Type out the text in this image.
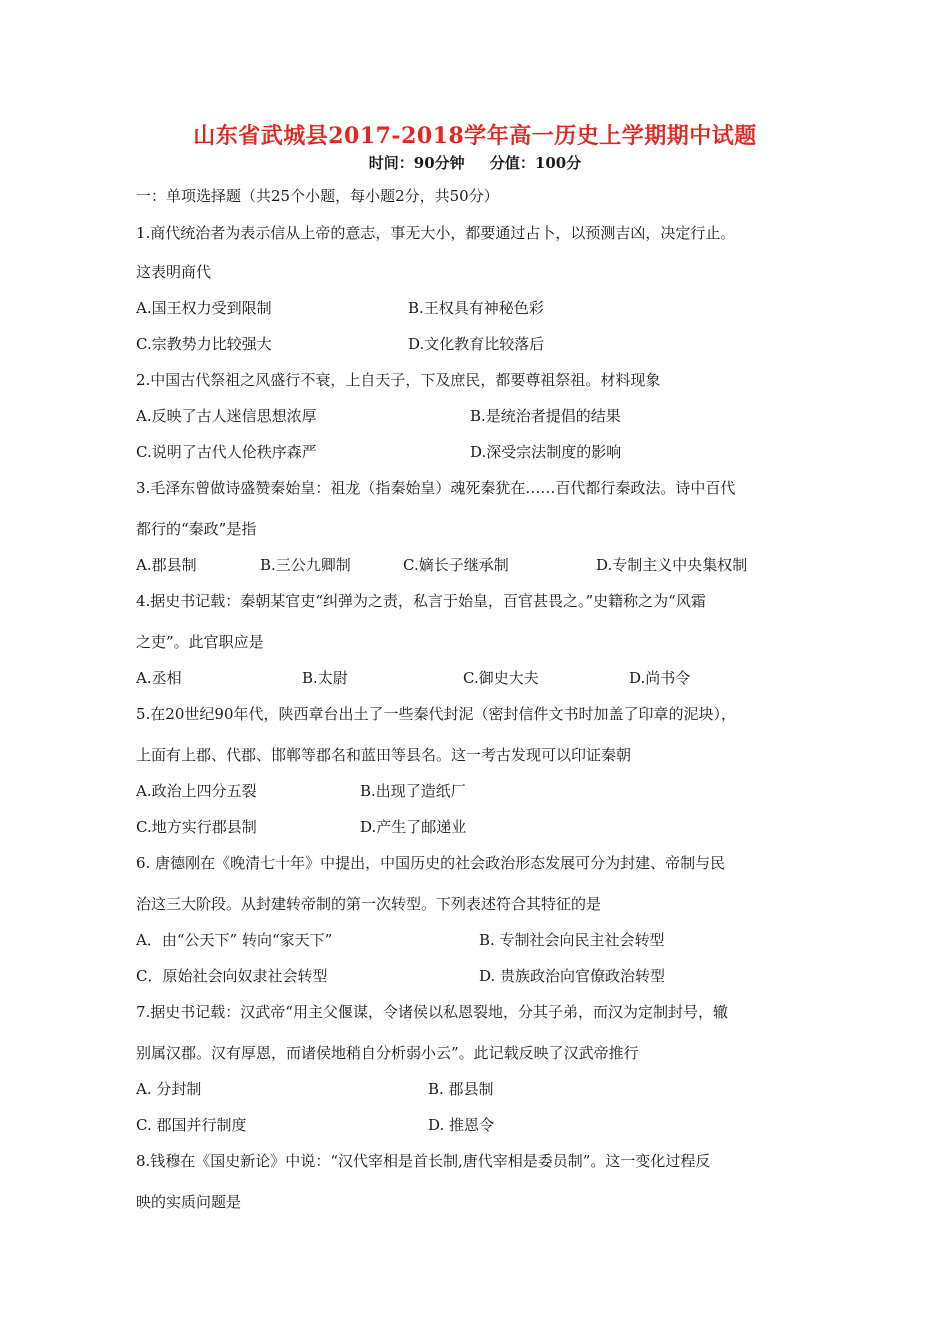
山东省武城县2017-2018学年高一历史上学期期中试题
时间：90分钟 分值：100分
一：单项选择题（共25个小题，每小题2分，共50分）
1.商代统治者为表示信从上帝的意志，事无大小，都要通过占卜，以预测吉凶，决定行止。
这表明商代
A.国王权力受到限制	B.王权具有神秘色彩
C.宗教势力比较强大	D.文化教育比较落后
2.中国古代祭祖之风盛行不衰，上自天子，下及庶民，都要尊祖祭祖。材料现象
A.反映了古人迷信思想浓厚	B.是统治者提倡的结果
C.说明了古代人伦秩序森严	D.深受宗法制度的影响
3.毛泽东曾做诗盛赞秦始皇：祖龙（指秦始皇）魂死秦犹在……百代都行秦政法。诗中百代
都行的“秦政”是指
A.郡县制	B.三公九卿制	C.嫡长子继承制	D.专制主义中央集权制
4.据史书记载：秦朝某官吏“纠弹为之责，私言于始皇，百官甚畏之。”史籍称之为“风霜
之吏”。此官职应是
A.丞相	B.太尉	C.御史大夫	D.尚书令
5.在20世纪90年代，陕西章台出土了一些秦代封泥（密封信件文书时加盖了印章的泥块），
上面有上郡、代郡、邯郸等郡名和蓝田等县名。这一考古发现可以印证秦朝
A.政治上四分五裂	B.出现了造纸厂
C.地方实行郡县制	D.产生了邮递业
6. 唐德刚在《晚清七十年》中提出，中国历史的社会政治形态发展可分为封建、帝制与民
治这三大阶段。从封建转帝制的第一次转型。下列表述符合其特征的是
A．由“公天下” 转向“家天下”	B. 专制社会向民主社会转型
C．原始社会向奴隶社会转型	D. 贵族政治向官僚政治转型
7.据史书记载：汉武帝“用主父偃谋，令诸侯以私恩裂地，分其子弟，而汉为定制封号，辙
别属汉郡。汉有厚恩，而诸侯地稍自分析弱小云”。此记载反映了汉武帝推行
A. 分封制	B. 郡县制
C. 郡国并行制度	D. 推恩令
8.钱穆在《国史新论》中说：“汉代宰相是首长制,唐代宰相是委员制”。这一变化过程反
映的实质问题是
